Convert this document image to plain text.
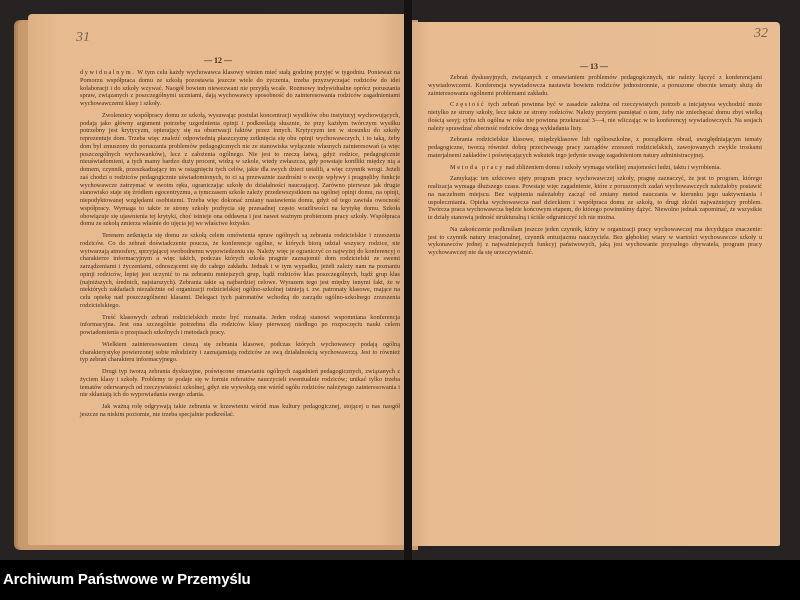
31
— 12 —

dywidualnym. W tym celu każdy wychowawca klasowy winien mieć stałą godzinę przyjęć w tygodniu. Ponieważ na Pomorzu współpraca domu ze szkołą pozostawia jeszcze wiele do życzenia, trzeba przyzwyczajać rodziców do idei kolaboracji i do szkoły wzywać. Naogół bowiem niewezwani nie przyjdą wcale. Rozmowy indywidualne oprócz poruszania spraw, związanych z poszczególnymi uczniami, dają wychowawcy sposobność do zainteresowania rodziców zagadnieniami wychowawczemi klasy i szkoły.

Zwolennicy współpracy domu ze szkołą, wysuwając postulat koncentracji wysiłków obu instytucyj wychowujących, podają jako główny argument potrzebę uzgodnienia opinji i podkreślają słusznie, że przy każdym twórczym wysiłku potrzebny jest krytycyzm, opierający się na obserwacji faktów przez innych. Krytycyzm ten w stosunku do szkoły reprezentuje dom. Trzeba więc znaleźć odpowiednią płaszczyznę zetknięcia się obu opinji wychowawczych, i to taką, żeby dom był zmuszony do poruszania problemów pedagogicznych nie ze stanowiska wyłącznie własnych zainteresowań (a więc poszczególnych wychowanków), lecz z założenia ogólnego. Nie jest to rzeczą łatwą, gdyż rodzice, pedagogicznie nieuświadomieni, a tych mamy bardzo duży procent, widzą w szkole, wtedy zwłaszcza, gdy powstaje konflikt między nią a domem, czynnik, przeszkadzający im w osiągnięciu tych celów, jakie dla swych dzieci ustalili, a więc czynnik wrogi. Jeżeli zaś chodzi o rodziców pedagogicznie uświadomionych, to ci są przeważnie zazdrośni o swoje wpływy i pragnęliby funkcje wychowawcze zatrzymać w swoim ręku, ograniczając szkołę do działalności nauczającej. Zarówno pierwsze jak drugie stanowisko staje się źródłem egocentryzmu, a tymczasem szkole zależy przedewszystkiem na ogólnej opinji domu, na opinji, niepodyktowanej względami osobistemi. Trzeba więc dokonać zmiany nastawienia domu, gdyż od tego zawisła owocność współpracy. Wymaga to także ze strony szkoły pozbycia się przesadnej często wrażliwości na krytykę domu. Szkoła obowiązuje się ujawnienia tej krytyki, choć istnieje ona oddawna i jest nawet ważnym probierzem pracy szkoły. Współpraca domu ze szkołą zmierza właśnie do ujęcia jej we właściwe łożysko.

Terenem zetknięcia się domu ze szkołą celem omówienia spraw ogólnych są zebrania rodzicielskie i zrzeszenia rodziców. Co do zebrań doświadczenie poucza, że konferencje ogólne, w których biorą udział wszyscy rodzice, nie wytwarzają atmosfery, sprzyjającej swobodnemu wypowiedzeniu się. Należy więc je ograniczyć co najwyżej do konferencyj o charakterze informacyjnym a więc takich, podczas których szkoła pragnie zaznajomić dom rodzicielski ze swemi zarządzeniami i życzeniami, odnoszącemi się do całego zakładu. Jednak i w tym wypadku, jeżeli zależy nam na poznaniu opinji rodziców, lepiej jest uczynić to na zebraniu mniejszych grup, bądź rodziców klas poszczególnych, bądź grup klas (najniższych, średnich, najstarszych). Zebrania takie są najbardziej celowe. Wyrazem tego jest między innymi fakt, że w niektórych zakładach niezależnie od organizacji rodzicielskiej ogólno-szkolnej istnieją t. zw. patronaty klasowe, mające na celu opiekę nad poszczególnemi klasami. Delegaci tych patronatów wchodzą do zarządu ogólno-szkolnego zrzeszenia rodzicielskiego.

Treść klasowych zebrań rodzicielskich może być rozmaita. Jeden rodzaj stanowi wspomniana konferencja informacyjna. Jest ona szczególnie potrzebna dla rodziców klasy pierwszej niedługo po rozpoczęciu nauki celem powiadomienia o przepisach szkolnych i metodach pracy.

Wielkiem zainteresowaniem cieszą się zebrania klasowe, podczas których wychowawcy podają ogólną charakterystykę powierzonej sobie młodzieży i zaznajamiają rodziców ze swą działalnością wychowawczą. Jest to również typ zebrań charakteru informacyjnego.

Drugi typ tworzą zebrania dyskusyjne, poświęcone omawianiu ogólnych zagadnień pedagogicznych, związanych z życiem klasy i szkoły. Problemy te podaje się w formie referatów nauczycieli ewentualnie rodziców; unikać tylko trzeba tematów oderwanych od rzeczywistości szkolnej, gdyż nie wywołują one wśród ogółu rodziców należytego zainteresowania i nie skłaniają ich do wypowiadania swego zdania.

Jak ważną rolę odgrywają takie zebrania w krzewieniu wśród mas kultury pedagogicznej, stojącej u nas naogół jeszcze na niskim poziomie, nie trzeba specjalnie podkreślać.

32
— 13 —

Zebrań dyskusyjnych, związanych z omawianiem problemów pedagogicznych, nie należy łączyć z konferencjami wywiadowczemi. Konferencja wywiadowcza nastawia bowiem rodziców jednostronnie, a poruszone obecnie tematy służą do zainteresowania ogólnemi problemami zakładu.

Częstość tych zebrań powinna być w zasadzie zależna od rzeczywistych potrzeb a inicjatywa wychodzić może nietylko ze strony szkoły, lecz także ze strony rodziców. Należy przytem pamiętać o tem, żeby nie zniechęcać domu zbyt wielką ilością sesyj; cyfra ich ogólna w roku nie powinna przekraczać 3—4, nie wliczając w to konferencyj wywiadowczych. Na sesjach należy sprawdzać obecność rodziców drogą wykładania listy.

Zebrania rodzicielskie klasowe, międzyklasowe lub ogólnoszkolne, z porządkiem obrad, uwzględniającym tematy pedagogiczne, tworzą również dobrą przeciwwagę pracy zarządów zrzeszeń rodzicielskich, zawojowanych zwykle troskami materjalnemi zakładów i poświęcających wskutek tego jedynie uwagę zagadnieniom natury administracyjnej.

Metoda pracy nad zbliżeniem domu i szkoły wymaga wielkiej znajomości ludzi, taktu i wyrobienia.

Zamykając ten szkicowo ujęty program pracy wychowawczej szkoły, pragnę zaznaczyć, że jest to program, którego realizacja wymaga dłuższego czasu. Powstaje więc zagadnienie, które z poruszonych zadań wychowawczych należałoby postawić na naczelnem miejscu. Bez wątpienia należałoby zacząć od zmiany metod nauczania w kierunku jego uaktywniania i uspołeczniania. Opieka wychowawcza nad dzieckiem i współpraca domu ze szkołą, to drugi zkolei najważniejszy problem. Twórcza praca wychowawcza będzie końcowym etapem, do którego powinniśmy dążyć. Niewolno jednak zapominać, że wszystkie te działy stanowią jedność strukturalną i ściśle odgraniczyć ich nie można.

Na zakończenie podkreślam jeszcze jeden czynnik, który w organizacji pracy wychowawczej ma decydujące znaczenie: jest to czynnik natury irracjonalnej, czynnik entuzjazmu nauczyciela. Bez głębokiej wiary w wartości wychowawcze szkoły u wykonawców jednej z najważniejszych funkcyj państwowych, jaką jest wychowanie przyszłego obywatela, program pracy wychowawczej nie da się urzeczywistnić.

Archiwum Państwowe w Przemyślu
